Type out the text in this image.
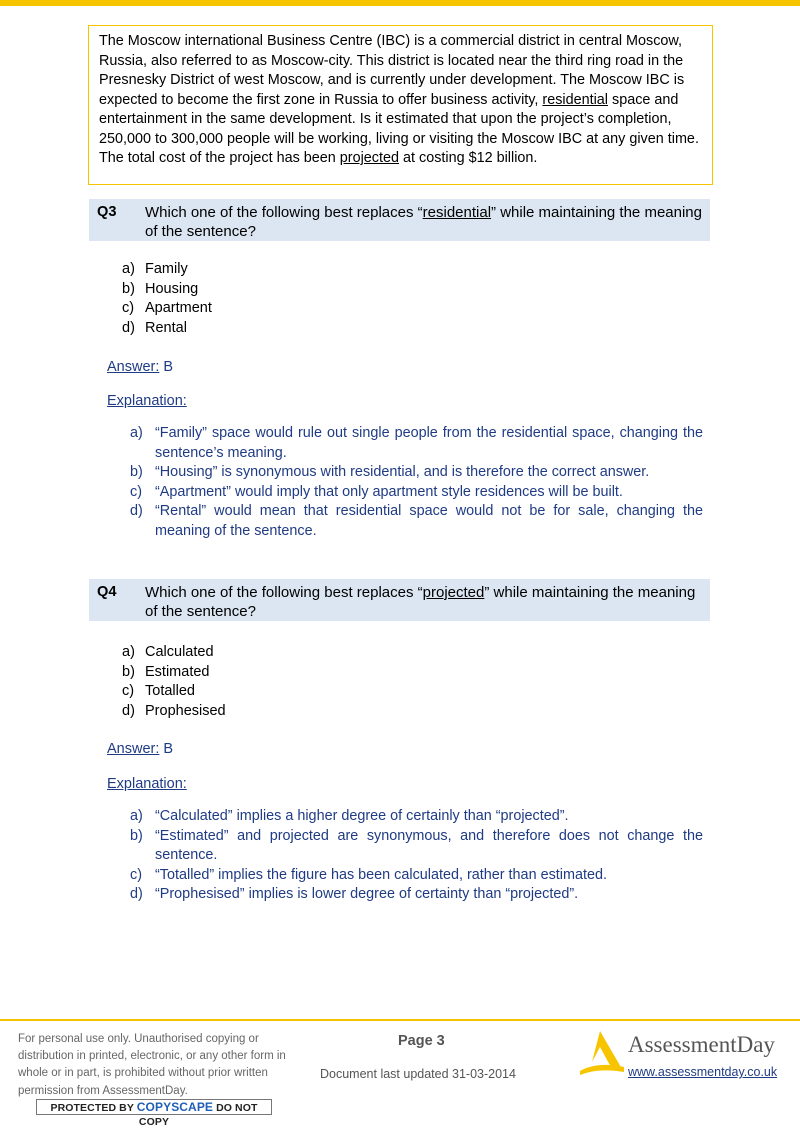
The Moscow international Business Centre (IBC) is a commercial district in central Moscow, Russia, also referred to as Moscow-city. This district is located near the third ring road in the Presnesky District of west Moscow, and is currently under development. The Moscow IBC is expected to become the first zone in Russia to offer business activity, residential space and entertainment in the same development. Is it estimated that upon the project’s completion, 250,000 to 300,000 people will be working, living or visiting the Moscow IBC at any given time. The total cost of the project has been projected at costing $12 billion.
Q3 Which one of the following best replaces “residential” while maintaining the meaning of the sentence?
a) Family
b) Housing
c) Apartment
d) Rental
Answer: B
Explanation:
a) “Family” space would rule out single people from the residential space, changing the sentence’s meaning.
b) “Housing” is synonymous with residential, and is therefore the correct answer.
c) “Apartment” would imply that only apartment style residences will be built.
d) “Rental” would mean that residential space would not be for sale, changing the meaning of the sentence.
Q4 Which one of the following best replaces “projected” while maintaining the meaning of the sentence?
a) Calculated
b) Estimated
c) Totalled
d) Prophesised
Answer: B
Explanation:
a) “Calculated” implies a higher degree of certainly than “projected”.
b) “Estimated” and projected are synonymous, and therefore does not change the sentence.
c) “Totalled” implies the figure has been calculated, rather than estimated.
d) “Prophesised” implies is lower degree of certainty than “projected”.
For personal use only. Unauthorised copying or distribution in printed, electronic, or any other form in whole or in part, is prohibited without prior written permission from AssessmentDay.
PROTECTED BY COPYSCAPE DO NOT COPY
Page 3
Document last updated 31-03-2014
AssessmentDay
www.assessmentday.co.uk
